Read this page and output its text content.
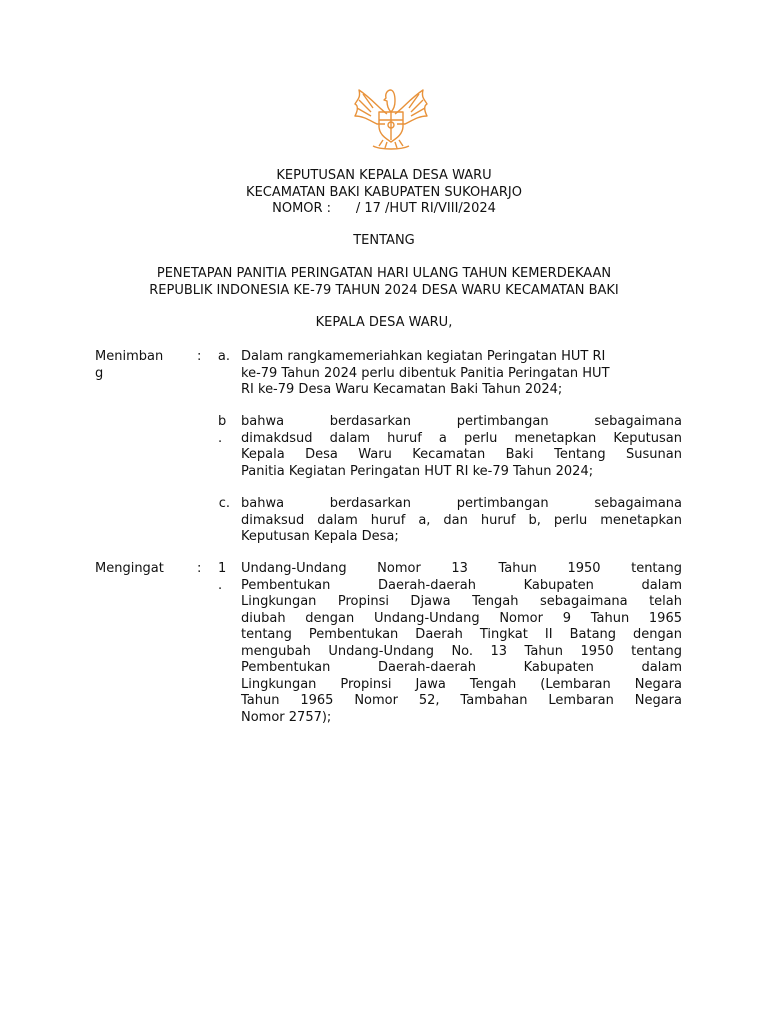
KEPUTUSAN KEPALA DESA WARU
KECAMATAN BAKI KABUPATEN SUKOHARJO
NOMOR :      / 17 /HUT RI/VIII/2024
TENTANG
PENETAPAN PANITIA PERINGATAN HARI ULANG TAHUN KEMERDEKAAN
REPUBLIK INDONESIA KE-79 TAHUN 2024 DESA WARU KECAMATAN BAKI
KEPALA DESA WARU,
Menimban
g
: a. Dalam rangkamemeriahkan kegiatan Peringatan HUT RI
ke-79 Tahun 2024 perlu dibentuk Panitia Peringatan HUT
RI ke-79 Desa Waru Kecamatan Baki Tahun 2024;
b
.
bahwa berdasarkan pertimbangan sebagaimana
dimakdsud dalam huruf a perlu menetapkan Keputusan
Kepala Desa Waru Kecamatan Baki Tentang Susunan
Panitia Kegiatan Peringatan HUT RI ke-79 Tahun 2024;
c. bahwa berdasarkan pertimbangan sebagaimana
dimaksud dalam huruf a, dan huruf b, perlu menetapkan
Keputusan Kepala Desa;
Mengingat	: 1
.
Undang-Undang Nomor 13 Tahun 1950 tentang
Pembentukan Daerah-daerah Kabupaten dalam
Lingkungan Propinsi Djawa Tengah sebagaimana telah
diubah dengan Undang-Undang Nomor 9 Tahun 1965
tentang Pembentukan Daerah Tingkat II Batang dengan
mengubah Undang-Undang No. 13 Tahun 1950 tentang
Pembentukan Daerah-daerah Kabupaten dalam
Lingkungan Propinsi Jawa Tengah (Lembaran Negara
Tahun 1965 Nomor 52, Tambahan Lembaran Negara
Nomor 2757);
